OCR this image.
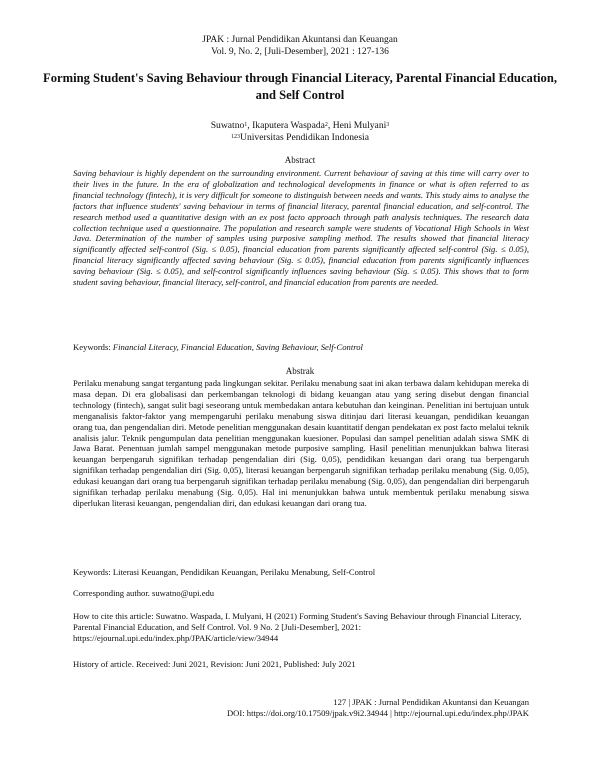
JPAK : Jurnal Pendidikan Akuntansi dan Keuangan
Vol. 9, No. 2, [Juli-Desember], 2021 : 127-136
Forming Student's Saving Behaviour through Financial Literacy, Parental Financial Education, and Self Control
Suwatno$^1$, Ikaputera Waspada$^2$, Heni Mulyani$^3$
$^{123}$Universitas Pendidikan Indonesia
Abstract
Saving behaviour is highly dependent on the surrounding environment. Current behaviour of saving at this time will carry over to their lives in the future. In the era of globalization and technological developments in finance or what is often referred to as financial technology (fintech), it is very difficult for someone to distinguish between needs and wants. This study aims to analyse the factors that influence students' saving behaviour in terms of financial literacy, parental financial education, and self-control. The research method used a quantitative design with an ex post facto approach through path analysis techniques. The research data collection technique used a questionnaire. The population and research sample were students of Vocational High Schools in West Java. Determination of the number of samples using purposive sampling method. The results showed that financial literacy significantly affected self-control (Sig. ≤ 0.05), financial education from parents significantly affected self-control (Sig. ≤ 0.05), financial literacy significantly affected saving behaviour (Sig. ≤ 0.05), financial education from parents significantly influences saving behaviour (Sig. ≤ 0.05), and self-control significantly influences saving behaviour (Sig. ≤ 0.05). This shows that to form student saving behaviour, financial literacy, self-control, and financial education from parents are needed.
Keywords: Financial Literacy, Financial Education, Saving Behaviour, Self-Control
Abstrak
Perilaku menabung sangat tergantung pada lingkungan sekitar. Perilaku menabung saat ini akan terbawa dalam kehidupan mereka di masa depan. Di era globalisasi dan perkembangan teknologi di bidang keuangan atau yang sering disebut dengan financial technology (fintech), sangat sulit bagi seseorang untuk membedakan antara kebutuhan dan keinginan. Penelitian ini bertujuan untuk menganalisis faktor-faktor yang mempengaruhi perilaku menabung siswa ditinjau dari literasi keuangan, pendidikan keuangan orang tua, dan pengendalian diri. Metode penelitian menggunakan desain kuantitatif dengan pendekatan ex post facto melalui teknik analisis jalur. Teknik pengumpulan data penelitian menggunakan kuesioner. Populasi dan sampel penelitian adalah siswa SMK di Jawa Barat. Penentuan jumlah sampel menggunakan metode purposive sampling. Hasil penelitian menunjukkan bahwa literasi keuangan berpengaruh signifikan terhadap pengendalian diri (Sig. 0,05), pendidikan keuangan dari orang tua berpengaruh signifikan terhadap pengendalian diri (Sig. 0,05), literasi keuangan berpengaruh signifikan terhadap perilaku menabung (Sig. 0,05), edukasi keuangan dari orang tua berpengaruh signifikan terhadap perilaku menabung (Sig. 0,05), dan pengendalian diri berpengaruh signifikan terhadap perilaku menabung (Sig. 0,05). Hal ini menunjukkan bahwa untuk membentuk perilaku menabung siswa diperlukan literasi keuangan, pengendalian diri, dan edukasi keuangan dari orang tua.
Keywords: Literasi Keuangan, Pendidikan Keuangan, Perilaku Menabung, Self-Control
Corresponding author. suwatno@upi.edu
How to cite this article: Suwatno. Waspada, I. Mulyani, H (2021) Forming Student's Saving Behaviour through Financial Literacy, Parental Financial Education, and Self Control. Vol. 9 No. 2 [Juli-Desember], 2021: https://ejournal.upi.edu/index.php/JPAK/article/view/34944
History of article. Received: Juni 2021, Revision: Juni 2021, Published: July 2021
127 | JPAK : Jurnal Pendidikan Akuntansi dan Keuangan
DOI: https://doi.org/10.17509/jpak.v9i2.34944 | http://ejournal.upi.edu/index.php/JPAK
